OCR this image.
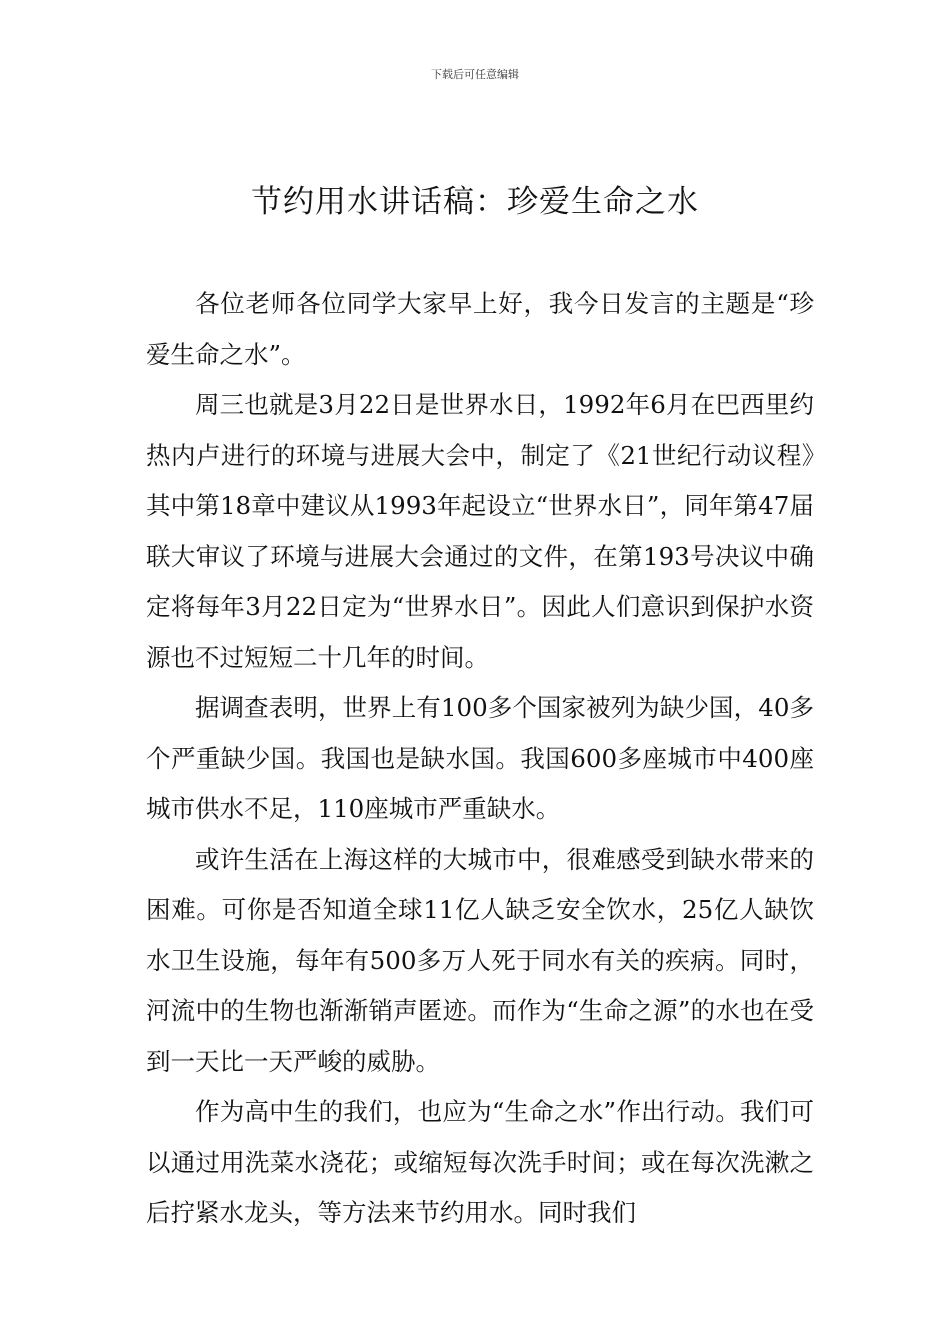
下载后可任意编辑
节约用水讲话稿：珍爱生命之水

各位老师各位同学大家早上好，我今日发言的主题是“珍爱生命之水”。

周三也就是3月22日是世界水日，1992年6月在巴西里约热内卢进行的环境与进展大会中，制定了《21世纪行动议程》其中第18章中建议从1993年起设立“世界水日”，同年第47届联大审议了环境与进展大会通过的文件，在第193号决议中确定将每年3月22日定为“世界水日”。因此人们意识到保护水资源也不过短短二十几年的时间。

据调查表明，世界上有100多个国家被列为缺少国，40多个严重缺少国。我国也是缺水国。我国600多座城市中400座城市供水不足，110座城市严重缺水。

或许生活在上海这样的大城市中，很难感受到缺水带来的困难。可你是否知道全球11亿人缺乏安全饮水，25亿人缺饮水卫生设施，每年有500多万人死于同水有关的疾病。同时，河流中的生物也渐渐销声匿迹。而作为“生命之源”的水也在受到一天比一天严峻的威胁。

作为高中生的我们，也应为“生命之水”作出行动。我们可以通过用洗菜水浇花；或缩短每次洗手时间；或在每次洗漱之后拧紧水龙头，等方法来节约用水。同时我们
